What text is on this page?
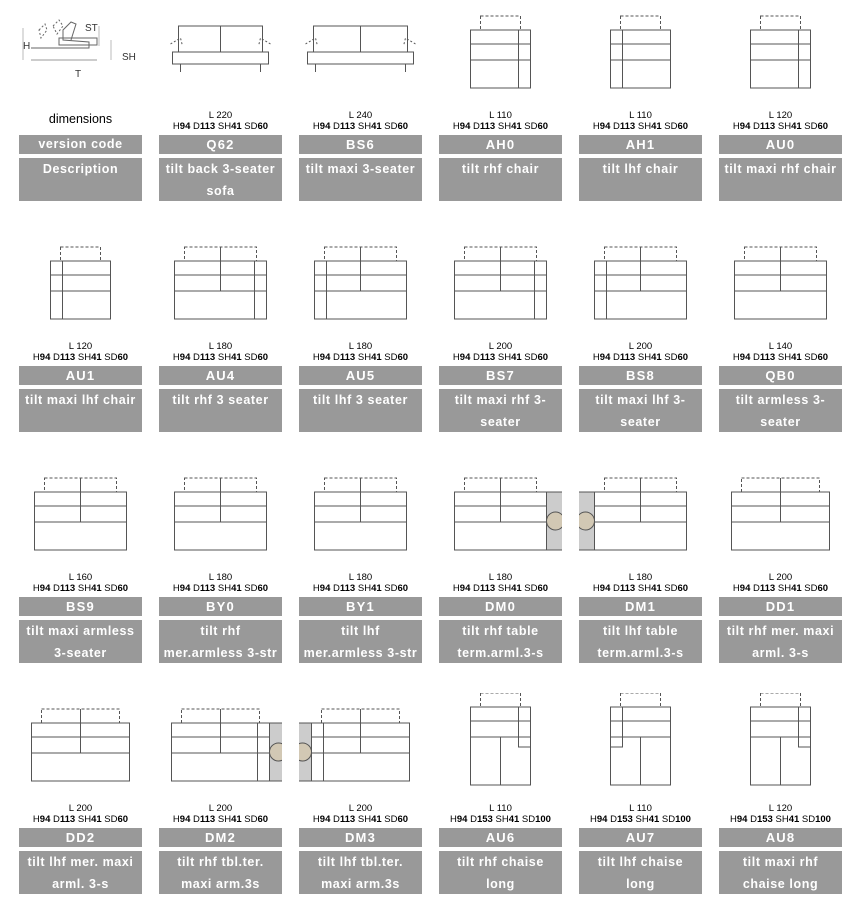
L 220
H94 D113 SH41 SD60
Q62
tilt back 3-seater
sofa
L 240
H94 D113 SH41 SD60
BS6
tilt maxi 3-seater
L 110
H94 D113 SH41 SD60
AH0
tilt rhf chair
L 110
H94 D113 SH41 SD60
AH1
tilt lhf chair
L 120
H94 D113 SH41 SD60
AU0
tilt maxi rhf chair
L 120
H94 D113 SH41 SD60
AU1
tilt maxi lhf chair
L 180
H94 D113 SH41 SD60
AU4
tilt rhf 3 seater
L 180
H94 D113 SH41 SD60
AU5
tilt lhf 3 seater
L 200
H94 D113 SH41 SD60
BS7
tilt maxi rhf 3-
seater
L 200
H94 D113 SH41 SD60
BS8
tilt maxi lhf 3-
seater
L 140
H94 D113 SH41 SD60
QB0
tilt armless 3-
seater
L 160
H94 D113 SH41 SD60
BS9
tilt maxi armless
3-seater
L 180
H94 D113 SH41 SD60
BY0
tilt rhf
mer.armless 3-str
L 180
H94 D113 SH41 SD60
BY1
tilt lhf
mer.armless 3-str
L 180
H94 D113 SH41 SD60
DM0
tilt rhf table
term.arml.3-s
L 180
H94 D113 SH41 SD60
DM1
tilt lhf table
term.arml.3-s
L 200
H94 D113 SH41 SD60
DD1
tilt rhf mer. maxi
arml. 3-s
L 200
H94 D113 SH41 SD60
DD2
tilt lhf mer. maxi
arml. 3-s
L 200
H94 D113 SH41 SD60
DM2
tilt rhf tbl.ter.
maxi arm.3s
L 200
H94 D113 SH41 SD60
DM3
tilt lhf tbl.ter.
maxi arm.3s
L 110
H94 D153 SH41 SD100
AU6
tilt rhf chaise
long
L 110
H94 D153 SH41 SD100
AU7
tilt lhf chaise
long
L 120
H94 D153 SH41 SD100
AU8
tilt maxi rhf
chaise long
H
ST
SH
T
dimensions
version code
Description
